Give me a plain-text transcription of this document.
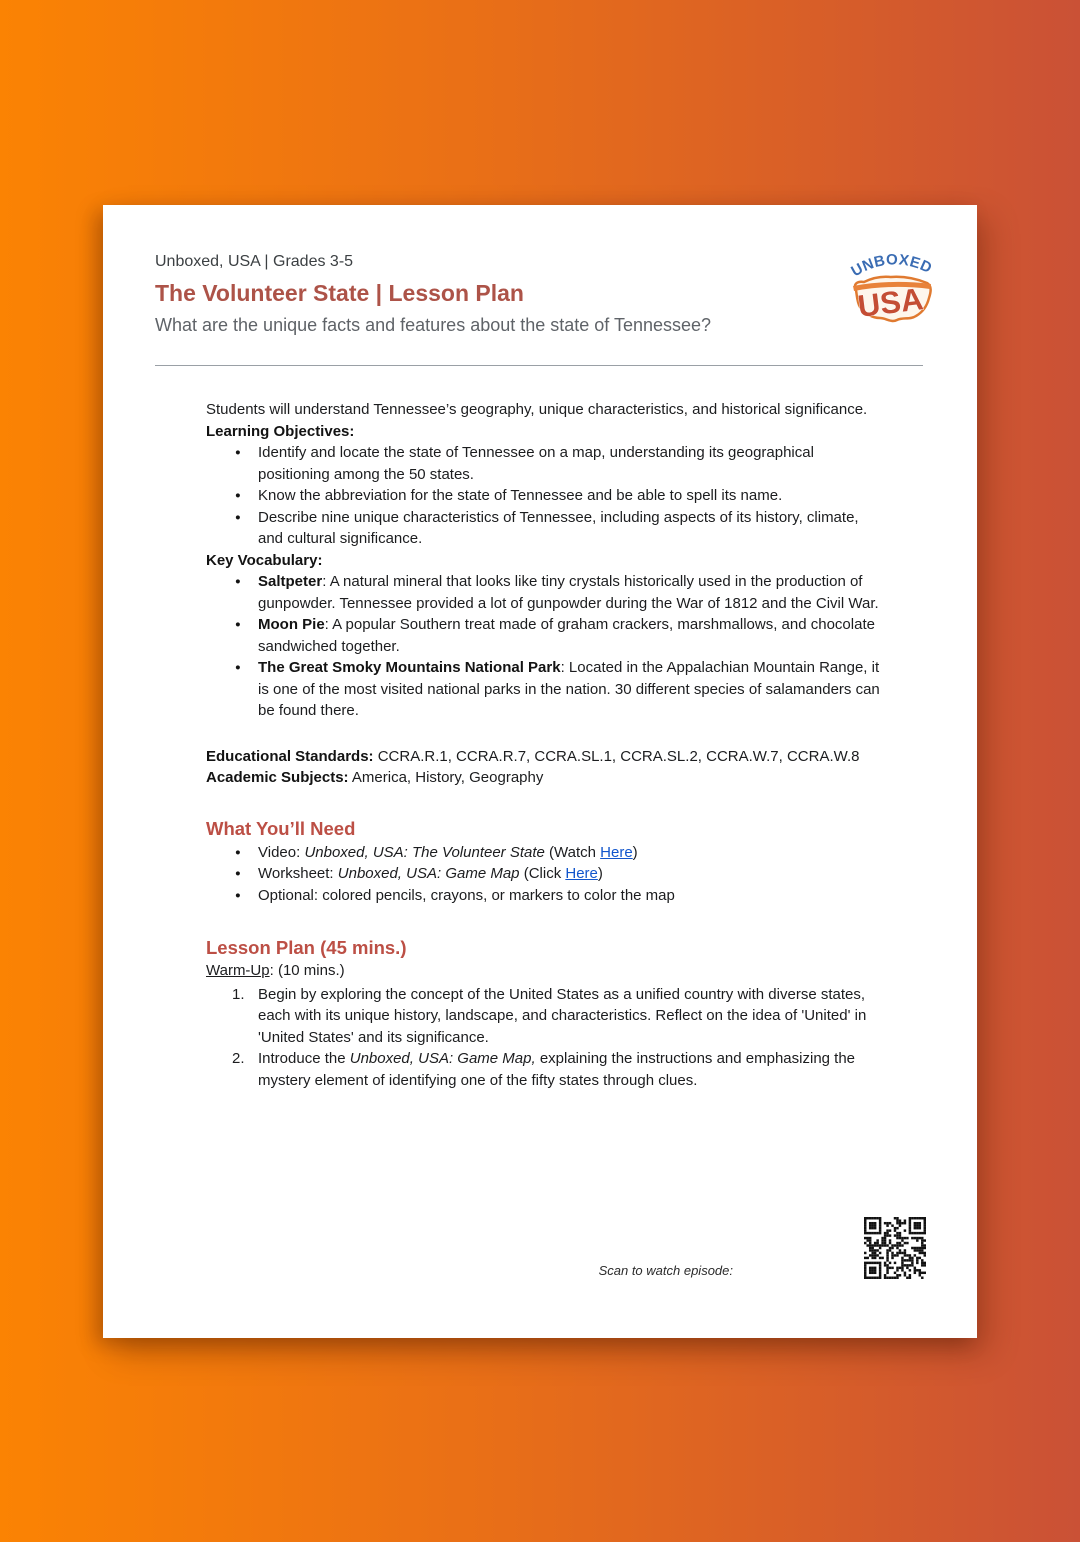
Unboxed, USA | Grades 3-5
The Volunteer State | Lesson Plan
What are the unique facts and features about the state of Tennessee?
UNBOXED
USA

Students will understand Tennessee’s geography, unique characteristics, and historical significance.

Learning Objectives:

● Identify and locate the state of Tennessee on a map, understanding its geographical positioning among the 50 states.
● Know the abbreviation for the state of Tennessee and be able to spell its name.
● Describe nine unique characteristics of Tennessee, including aspects of its history, climate, and cultural significance.

Key Vocabulary:

● Saltpeter: A natural mineral that looks like tiny crystals historically used in the production of gunpowder. Tennessee provided a lot of gunpowder during the War of 1812 and the Civil War.
● Moon Pie: A popular Southern treat made of graham crackers, marshmallows, and chocolate sandwiched together.
● The Great Smoky Mountains National Park: Located in the Appalachian Mountain Range, it is one of the most visited national parks in the nation. 30 different species of salamanders can be found there.

Educational Standards: CCRA.R.1, CCRA.R.7, CCRA.SL.1, CCRA.SL.2, CCRA.W.7, CCRA.W.8

Academic Subjects: America, History, Geography

What You’ll Need
● Video: Unboxed, USA: The Volunteer State (Watch Here)
● Worksheet: Unboxed, USA: Game Map (Click Here)
● Optional: colored pencils, crayons, or markers to color the map
Lesson Plan (45 mins.)

Warm-Up: (10 mins.)

1. Begin by exploring the concept of the United States as a unified country with diverse states, each with its unique history, landscape, and characteristics. Reflect on the idea of 'United' in 'United States' and its significance.
2. Introduce the Unboxed, USA: Game Map, explaining the instructions and emphasizing the mystery element of identifying one of the fifty states through clues.
Scan to watch episode:
